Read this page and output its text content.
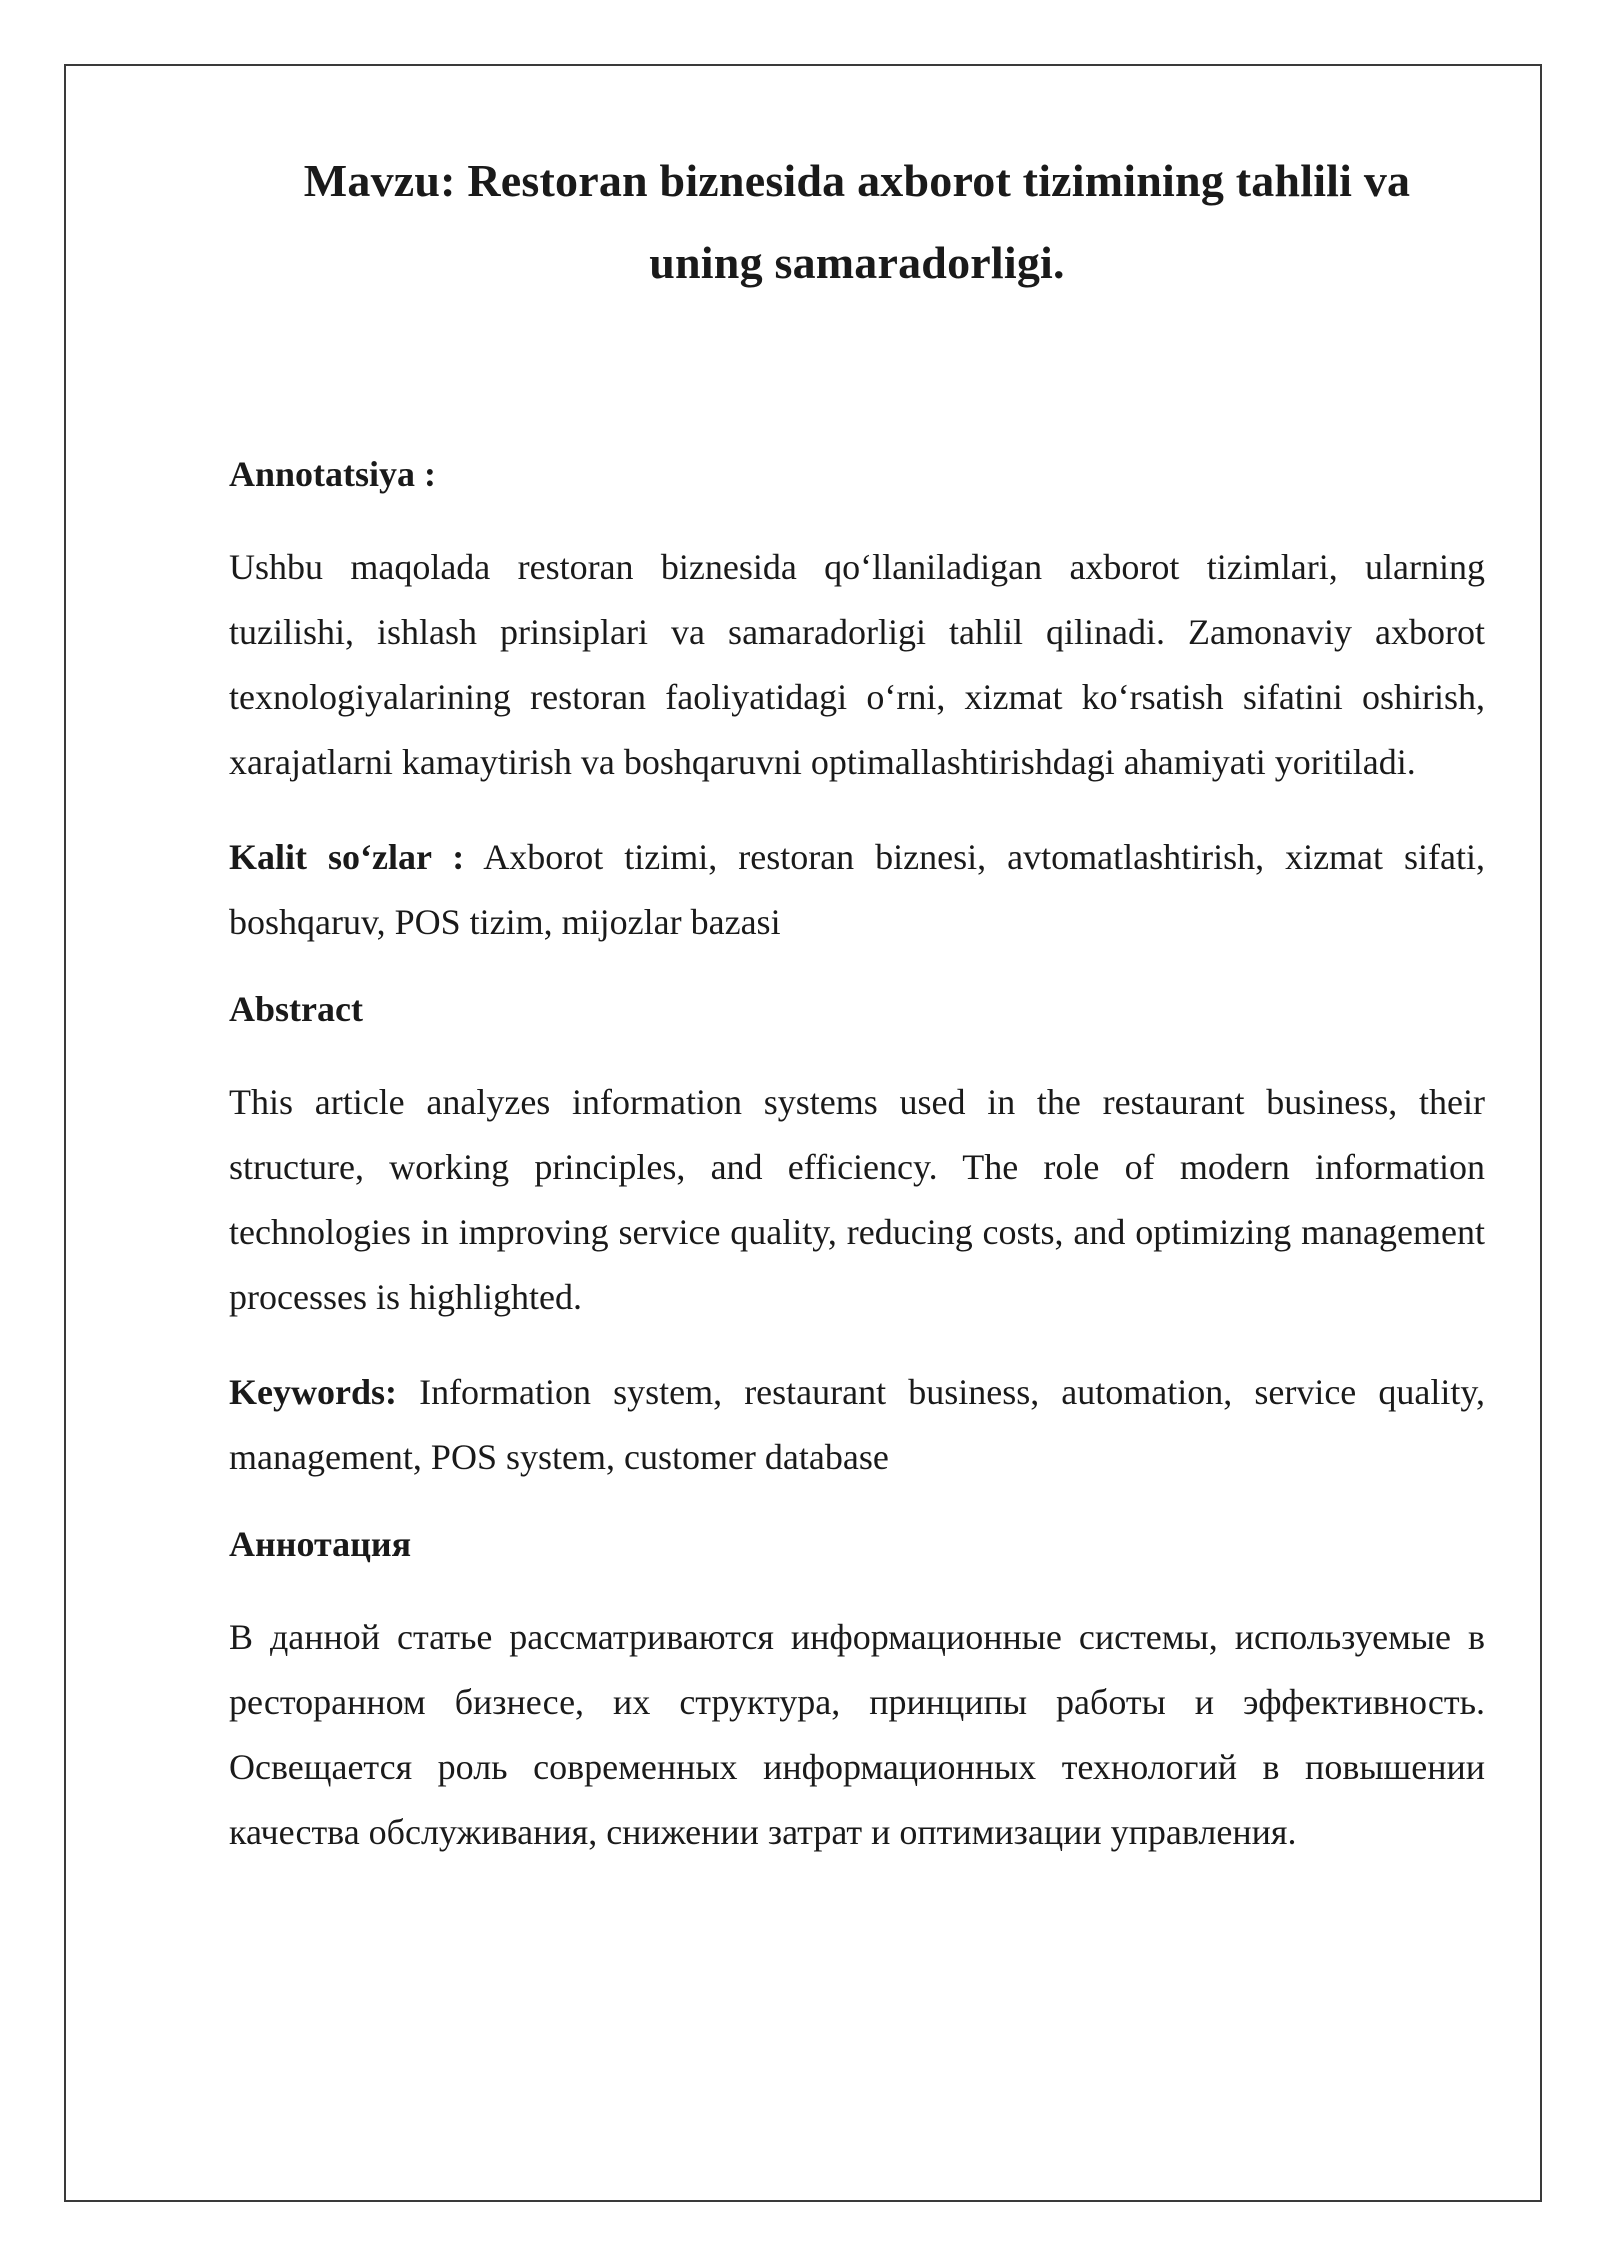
Mavzu: Restoran biznesida axborot tizimining tahlili va uning samaradorligi.
Annotatsiya :

Ushbu maqolada restoran biznesida qo‘llaniladigan axborot tizimlari, ularning tuzilishi, ishlash prinsiplari va samaradorligi tahlil qilinadi. Zamonaviy axborot texnologiyalarining restoran faoliyatidagi o‘rni, xizmat ko‘rsatish sifatini oshirish, xarajatlarni kamaytirish va boshqaruvni optimallashtirishdagi ahamiyati yoritiladi.

Kalit so‘zlar : Axborot tizimi, restoran biznesi, avtomatlashtirish, xizmat sifati, boshqaruv, POS tizim, mijozlar bazasi

Abstract

This article analyzes information systems used in the restaurant business, their structure, working principles, and efficiency. The role of modern information technologies in improving service quality, reducing costs, and optimizing management processes is highlighted.

Keywords: Information system, restaurant business, automation, service quality, management, POS system, customer database

Аннотация

В данной статье рассматриваются информационные системы, используемые в ресторанном бизнесе, их структура, принципы работы и эффективность. Освещается роль современных информационных технологий в повышении качества обслуживания, снижении затрат и оптимизации управления.
